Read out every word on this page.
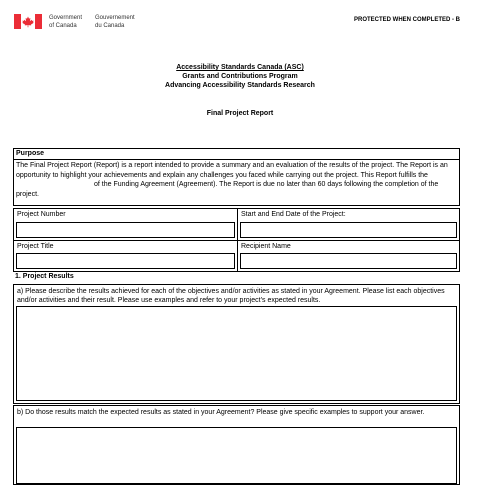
Government
of Canada
Gouvernement
du Canada
PROTECTED WHEN COMPLETED - B
Accessibility Standards Canada (ASC)
Grants and Contributions Program
Advancing Accessibility Standards Research
Final Project Report
Purpose
The Final Project Report (Report) is a report intended to provide a summary and an evaluation of the results of the project. The Report is an opportunity to highlight your achievements and explain any challenges you faced while carrying out the project. This Report fulfills theof the Funding Agreement (Agreement). The Report is due no later than 60 days following the completion of the project.
Project Number	Start and End Date of the Project:
Project Title	Recipient Name
1. Project Results
a) Please describe the results achieved for each of the objectives and/or activities as stated in your Agreement. Please list each objectives and/or activities and their result. Please use examples and refer to your project’s expected results.
b) Do those results match the expected results as stated in your Agreement? Please give specific examples to support your answer.
